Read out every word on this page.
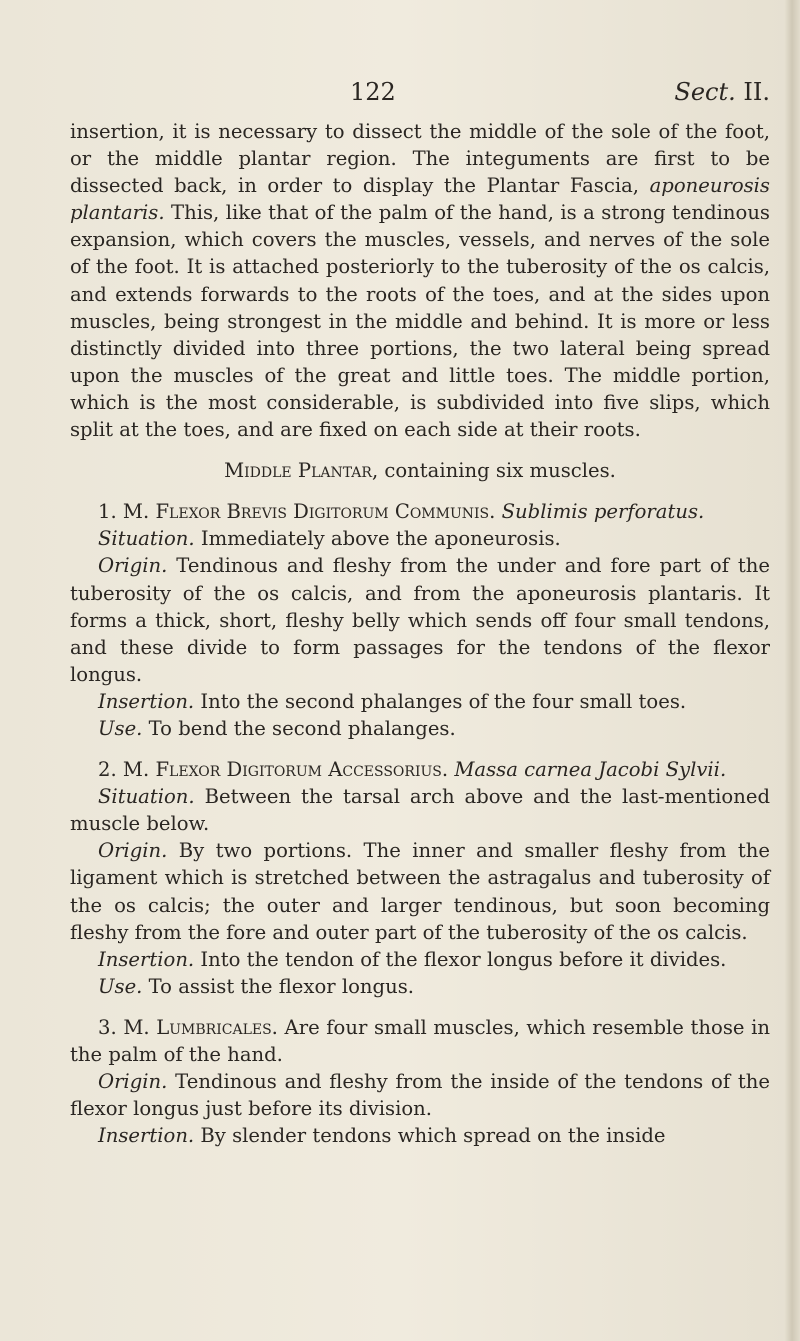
122	Sect. II.

insertion, it is necessary to dissect the middle of the sole of the foot, or the middle plantar region. The integuments are first to be dissected back, in order to display the Plantar Fascia, aponeurosis plantaris. This, like that of the palm of the hand, is a strong tendinous expansion, which covers the muscles, vessels, and nerves of the sole of the foot. It is attached posteriorly to the tuberosity of the os calcis, and extends forwards to the roots of the toes, and at the sides upon muscles, being strongest in the middle and behind. It is more or less distinctly divided into three portions, the two lateral being spread upon the muscles of the great and little toes. The middle portion, which is the most considerable, is subdivided into five slips, which split at the toes, and are fixed on each side at their roots.

Middle Plantar, containing six muscles.

1. M. Flexor Brevis Digitorum Communis. Sublimis perforatus.

Situation. Immediately above the aponeurosis.

Origin. Tendinous and fleshy from the under and fore part of the tuberosity of the os calcis, and from the aponeurosis plantaris. It forms a thick, short, fleshy belly which sends off four small tendons, and these divide to form passages for the tendons of the flexor longus.

Insertion. Into the second phalanges of the four small toes.

Use. To bend the second phalanges.

2. M. Flexor Digitorum Accessorius. Massa carnea Jacobi Sylvii.

Situation. Between the tarsal arch above and the last-mentioned muscle below.

Origin. By two portions. The inner and smaller fleshy from the ligament which is stretched between the astragalus and tuberosity of the os calcis; the outer and larger tendinous, but soon becoming fleshy from the fore and outer part of the tuberosity of the os calcis.

Insertion. Into the tendon of the flexor longus before it divides.

Use. To assist the flexor longus.

3. M. Lumbricales. Are four small muscles, which resemble those in the palm of the hand.

Origin. Tendinous and fleshy from the inside of the tendons of the flexor longus just before its division.

Insertion. By slender tendons which spread on the inside
